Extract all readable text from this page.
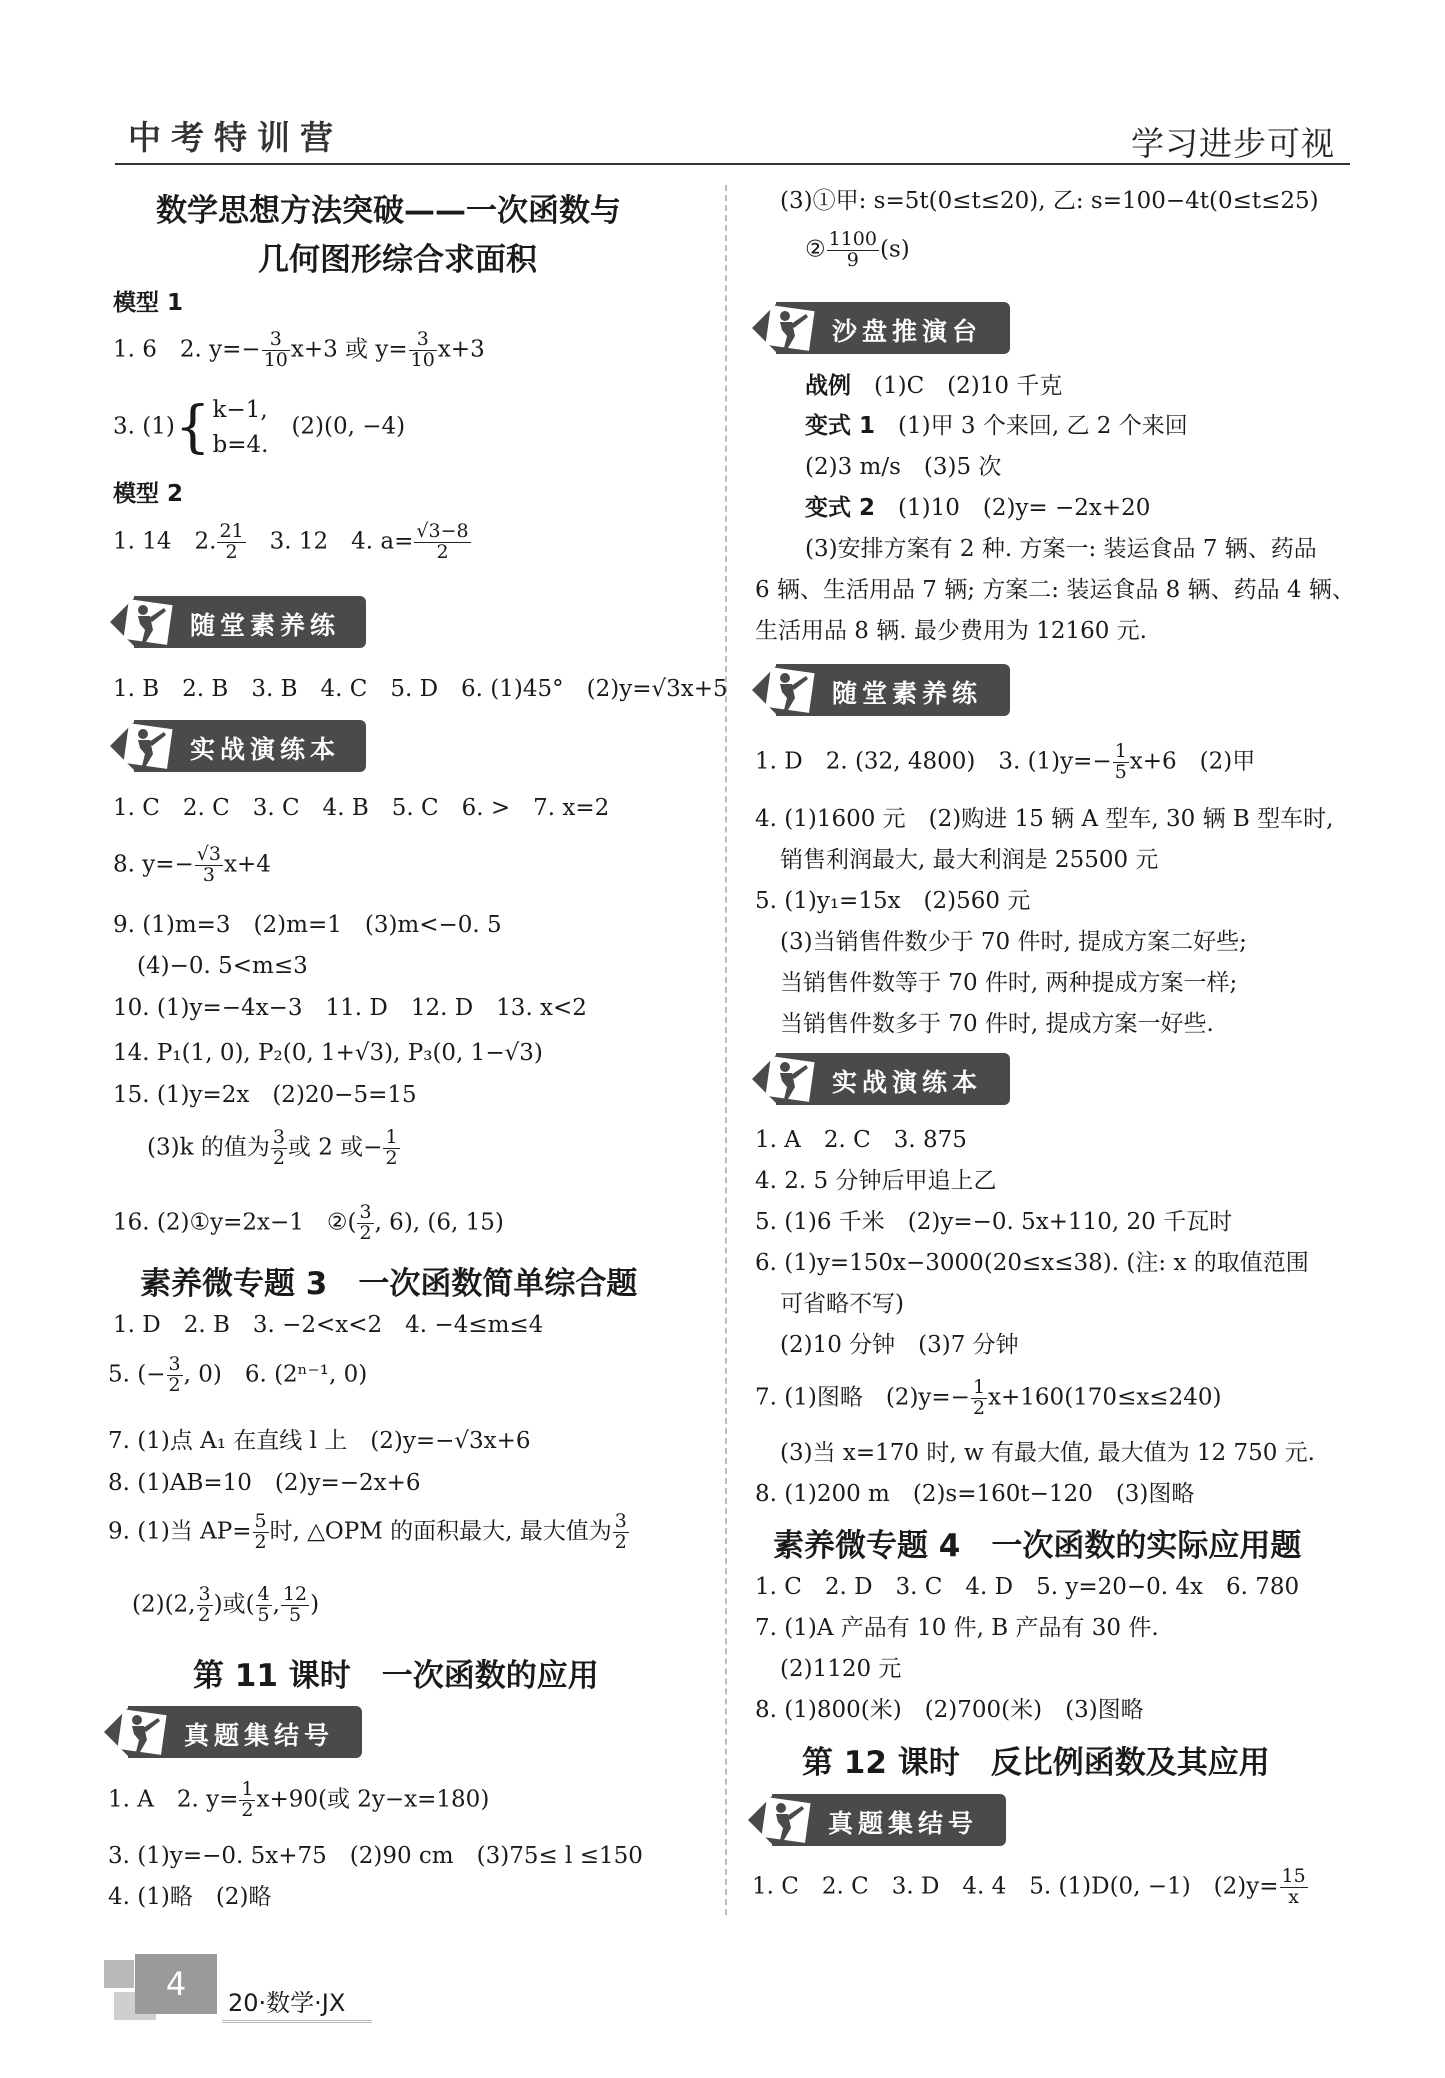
中考特训营	学习进步可视
数学思想方法突破——一次函数与
几何图形综合求面积
模型 1
1. 6　2. $y=- \frac{3}{10} x+3$ 或 $y= \frac{3}{10} x+3$
3. (1){k−1,
b=4.　(2)(0, −4)
模型 2
1. 14　2. $\frac{21}{2}$
　 3. 12　4. $a= \frac{√3-8}{2}$
随堂素养练
1. B　2. B　3. B　4. C　5. D　6. (1)45°　(2)y=√3x+5
实战演练本
1. C　2. C　3. C　4. B　5. C　6. >　7. x=2
8. $y=- \frac{√3}{3} x+4$
9. (1)m=3　(2)m=1　(3)m<−0. 5
(4)−0. 5<m≤3
10. (1)y=−4x−3　11. D　12. D　13. x<2
14. P₁(1, 0), P₂(0, 1+√3), P₃(0, 1−√3)
15. (1)y=2x　(2)20−5=15
(3)k 的值为 $\frac{3}{2}$ 或 2 或− $\frac{1}{2}$
16. (2)①y=2x−1　②( $\frac{3}{2}$ , 6), (6, 15)
素养微专题 3　一次函数简单综合题
1. D　2. B　3. −2<x<2　4. −4≤m≤4
5. (− $\frac{3}{2}$ , 0)　6. (2ⁿ⁻¹, 0)
7. (1)点 A₁ 在直线 l 上　(2)y=−√3x+6
8. (1)AB=10　(2)y=−2x+6
9. (1)当 $AP= \frac{5}{2}$ 时, △OPM 的面积最大, 最大值为 $\frac{3}{2}$
(2)(2, $\frac{3}{2}$ )或( $\frac{4}{5}$ , $\frac{12}{5}$ )
第 11 课时　一次函数的应用
真题集结号
1. A　2. $y= \frac{1}{2} x+90$(或 2y−x=180)
3. (1)y=−0. 5x+75　(2)90 cm　(3)75≤ l ≤150
4. (1)略　(2)略
(3)①甲: s=5t(0≤t≤20), 乙: s=100−4t(0≤t≤25)
② $\frac{1100}{9} (s)$
沙盘推演台
战例　 (1)C　(2)10 千克
变式 1　 (1)甲 3 个来回, 乙 2 个来回
(2)3 m/s　(3)5 次
变式 2　 (1)10　(2)y= −2x+20
(3)安排方案有 2 种. 方案一: 装运食品 7 辆、药品
6 辆、生活用品 7 辆; 方案二: 装运食品 8 辆、药品 4 辆、
生活用品 8 辆. 最少费用为 12160 元.
随堂素养练
1. D　2. (32, 4800)　3. $(1)y=- \frac{1}{5} x+6$　(2)甲
4. (1)1600 元　(2)购进 15 辆 A 型车, 30 辆 B 型车时,
销售利润最大, 最大利润是 25500 元
5. (1)y₁=15x　(2)560 元
(3)当销售件数少于 70 件时, 提成方案二好些;
当销售件数等于 70 件时, 两种提成方案一样;
当销售件数多于 70 件时, 提成方案一好些.
实战演练本
1. A　2. C　3. 875
4. 2. 5 分钟后甲追上乙
5. (1)6 千米　(2)y=−0. 5x+110, 20 千瓦时
6. (1)y=150x−3000(20≤x≤38). (注: x 的取值范围
可省略不写)
(2)10 分钟　(3)7 分钟
7. (1)图略　$(2)y=- \frac{1}{2} x+160(170\le x\le 240)$
(3)当 x=170 时, w 有最大值, 最大值为 12 750 元.
8. (1)200 m　(2)s=160t−120　(3)图略
素养微专题 4　一次函数的实际应用题
1. C　2. D　3. C　4. D　5. y=20−0. 4x　6. 780
7. (1)A 产品有 10 件, B 产品有 30 件.
(2)1120 元
8. (1)800(米)　(2)700(米)　(3)图略
第 12 课时　反比例函数及其应用
真题集结号
1. C　2. C　3. D　4. 4　5. (1)D(0, −1)　$(2)y= \frac{15}{x}$
4	20·数学·JX
